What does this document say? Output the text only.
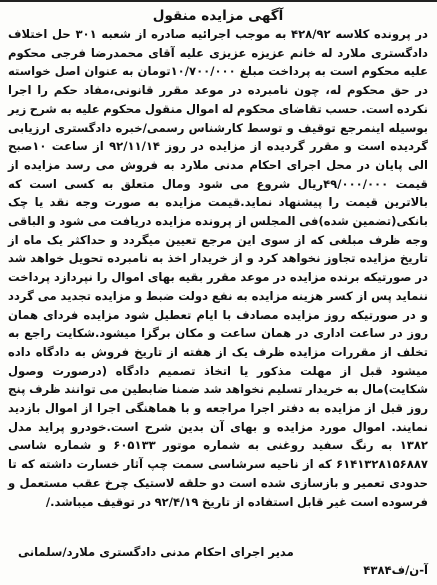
آگهی مزایده منقول

در پرونده کلاسه ۴۲۸/۹۲ به موجب اجرائیه صادره از شعبه ۳۰۱ حل اختلاف دادگستری ملارد له خانم عزیزه عزیزی علیه آقای محمدرضا فرجی محکوم علیه محکوم است به پرداخت مبلغ ۱۰/۷۰۰/۰۰۰تومان به عنوان اصل خواسته در حق محکوم له، چون نامبرده در موعد مقرر قانونی،مفاد حکم را اجرا نکرده است. حسب تقاضای محکوم له اموال منقول محکوم علیه به شرح زیر بوسیله اینمرجع توقیف و توسط کارشناس رسمی/خبره دادگستری ارزیابی گردیده است و مقرر گردیده از مزایده در روز ۹۲/۱۱/۱۴ از ساعت ۱۰صبح الی پایان در محل اجرای احکام مدنی ملارد به فروش می رسد مزایده از قیمت ۴۹/۰۰۰/۰۰۰ریال شروع می شود ومال متعلق به کسی است که بالاترین قیمت را پیشنهاد نماید.قیمت مزایده به صورت وجه نقد یا چک بانکی(تضمین شده)فی المجلس از پرونده مزایده دریافت می شود و الباقی وجه ظرف مبلغی که از سوی این مرجع تعیین میگردد و حداکثر یک ماه از تاریخ مزایده تجاوز نخواهد کرد و از خریدار اخذ به نامبرده تحویل خواهد شد در صورتیکه برنده مزایده در موعد مقرر بقیه بهای اموال را نپردازد پرداخت ننماید پس از کسر هزینه مزایده به نفع دولت ضبط و مزایده تجدید می گردد و در صورتیکه روز مزایده مصادف با ایام تعطیل شود مزایده فردای همان روز در ساعت اداری در همان ساعت و مکان برگزا میشود.شکایت راجع به تخلف از مقررات مزایده ظرف یک از هفته از تاریخ فروش به دادگاه داده میشود قبل از مهلت مذکور یا اتخاذ تصمیم دادگاه (درصورت وصول شکایت)مال به خریدار تسلیم نخواهد شد ضمنا ضابطین می توانند ظرف پنج روز قبل از مزایده به دفتر اجرا مراجعه و با هماهنگی اجرا از اموال بازدید نمایند. اموال مورد مزایده و بهای آن بدین شرح است.خودرو پراید مدل ۱۳۸۲ به رنگ سفید روغنی به شماره موتور ۶۰۵۱۳۳ و شماره شاسی ۶۱۴۱۳۲۸۱۵۶۸۸۷ که از ناحیه سرشاسی سمت چپ آثار خسارت داشته که تا حدودی تعمیر و بازسازی شده است دو حلقه لاستیک چرخ عقب مستعمل و فرسوده است غیر قابل استفاده از تاریخ ۹۲/۴/۱۹ در توقیف میباشد./

مدیر اجرای احکام مدنی دادگستری ملارد/سلمانی
آ-ن/ف۴۳۸۴
